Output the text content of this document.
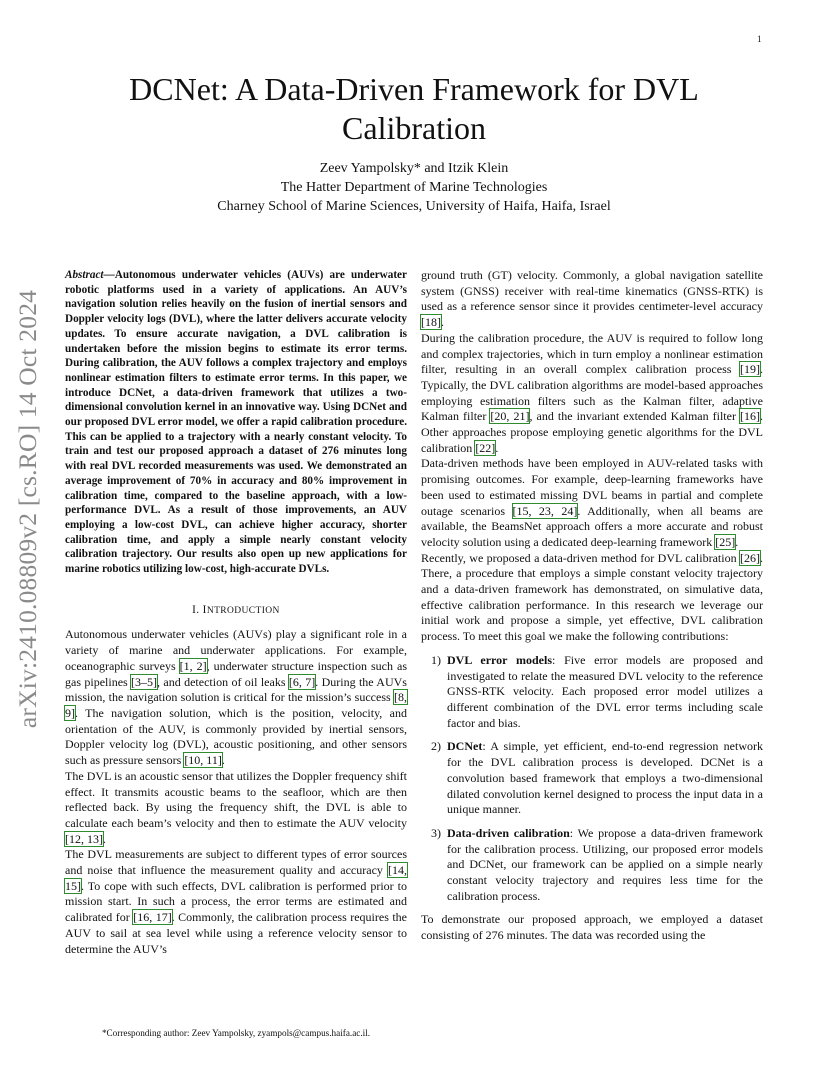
1
arXiv:2410.08809v2 [cs.RO] 14 Oct 2024
DCNet: A Data-Driven Framework for DVL Calibration
Zeev Yampolsky* and Itzik Klein
The Hatter Department of Marine Technologies
Charney School of Marine Sciences, University of Haifa, Haifa, Israel

Abstract—Autonomous underwater vehicles (AUVs) are underwater robotic platforms used in a variety of applications. An AUV’s navigation solution relies heavily on the fusion of inertial sensors and Doppler velocity logs (DVL), where the latter delivers accurate velocity updates. To ensure accurate navigation, a DVL calibration is undertaken before the mission begins to estimate its error terms. During calibration, the AUV follows a complex trajectory and employs nonlinear estimation filters to estimate error terms. In this paper, we introduce DCNet, a data-driven framework that utilizes a two-dimensional convolution kernel in an innovative way. Using DCNet and our proposed DVL error model, we offer a rapid calibration procedure. This can be applied to a trajectory with a nearly constant velocity. To train and test our proposed approach a dataset of 276 minutes long with real DVL recorded measurements was used. We demonstrated an average improvement of 70% in accuracy and 80% improvement in calibration time, compared to the baseline approach, with a low-performance DVL. As a result of those improvements, an AUV employing a low-cost DVL, can achieve higher accuracy, shorter calibration time, and apply a simple nearly constant velocity calibration trajectory. Our results also open up new applications for marine robotics utilizing low-cost, high-accurate DVLs.

I. INTRODUCTION

Autonomous underwater vehicles (AUVs) play a significant role in a variety of marine and underwater applications. For example, oceanographic surveys [1, 2], underwater structure inspection such as gas pipelines [3–5], and detection of oil leaks [6, 7]. During the AUVs mission, the navigation solution is critical for the mission’s success [8, 9]. The navigation solution, which is the position, velocity, and orientation of the AUV, is commonly provided by inertial sensors, Doppler velocity log (DVL), acoustic positioning, and other sensors such as pressure sensors [10, 11].

The DVL is an acoustic sensor that utilizes the Doppler frequency shift effect. It transmits acoustic beams to the seafloor, which are then reflected back. By using the frequency shift, the DVL is able to calculate each beam’s velocity and then to estimate the AUV velocity [12, 13].

The DVL measurements are subject to different types of error sources and noise that influence the measurement quality and accuracy [14, 15]. To cope with such effects, DVL calibration is performed prior to mission start. In such a process, the error terms are estimated and calibrated for [16, 17]. Commonly, the calibration process requires the AUV to sail at sea level while using a reference velocity sensor to determine the AUV’s

ground truth (GT) velocity. Commonly, a global navigation satellite system (GNSS) receiver with real-time kinematics (GNSS-RTK) is used as a reference sensor since it provides centimeter-level accuracy [18].

During the calibration procedure, the AUV is required to follow long and complex trajectories, which in turn employ a nonlinear estimation filter, resulting in an overall complex calibration process [19]. Typically, the DVL calibration algorithms are model-based approaches employing estimation filters such as the Kalman filter, adaptive Kalman filter [20, 21], and the invariant extended Kalman filter [16]. Other approaches propose employing genetic algorithms for the DVL calibration [22].

Data-driven methods have been employed in AUV-related tasks with promising outcomes. For example, deep-learning frameworks have been used to estimated missing DVL beams in partial and complete outage scenarios [15, 23, 24]. Additionally, when all beams are available, the BeamsNet approach offers a more accurate and robust velocity solution using a dedicated deep-learning framework [25].

Recently, we proposed a data-driven method for DVL calibration [26]. There, a procedure that employs a simple constant velocity trajectory and a data-driven framework has demonstrated, on simulative data, effective calibration performance. In this research we leverage our initial work and propose a simple, yet effective, DVL calibration process. To meet this goal we make the following contributions:

1) DVL error models: Five error models are proposed and investigated to relate the measured DVL velocity to the reference GNSS-RTK velocity. Each proposed error model utilizes a different combination of the DVL error terms including scale factor and bias.
2) DCNet: A simple, yet efficient, end-to-end regression network for the DVL calibration process is developed. DCNet is a convolution based framework that employs a two-dimensional dilated convolution kernel designed to process the input data in a unique manner.
3) Data-driven calibration: We propose a data-driven framework for the calibration process. Utilizing, our proposed error models and DCNet, our framework can be applied on a simple nearly constant velocity trajectory and requires less time for the calibration process.

To demonstrate our proposed approach, we employed a dataset consisting of 276 minutes. The data was recorded using the

*Corresponding author: Zeev Yampolsky, zyampols@campus.haifa.ac.il.
